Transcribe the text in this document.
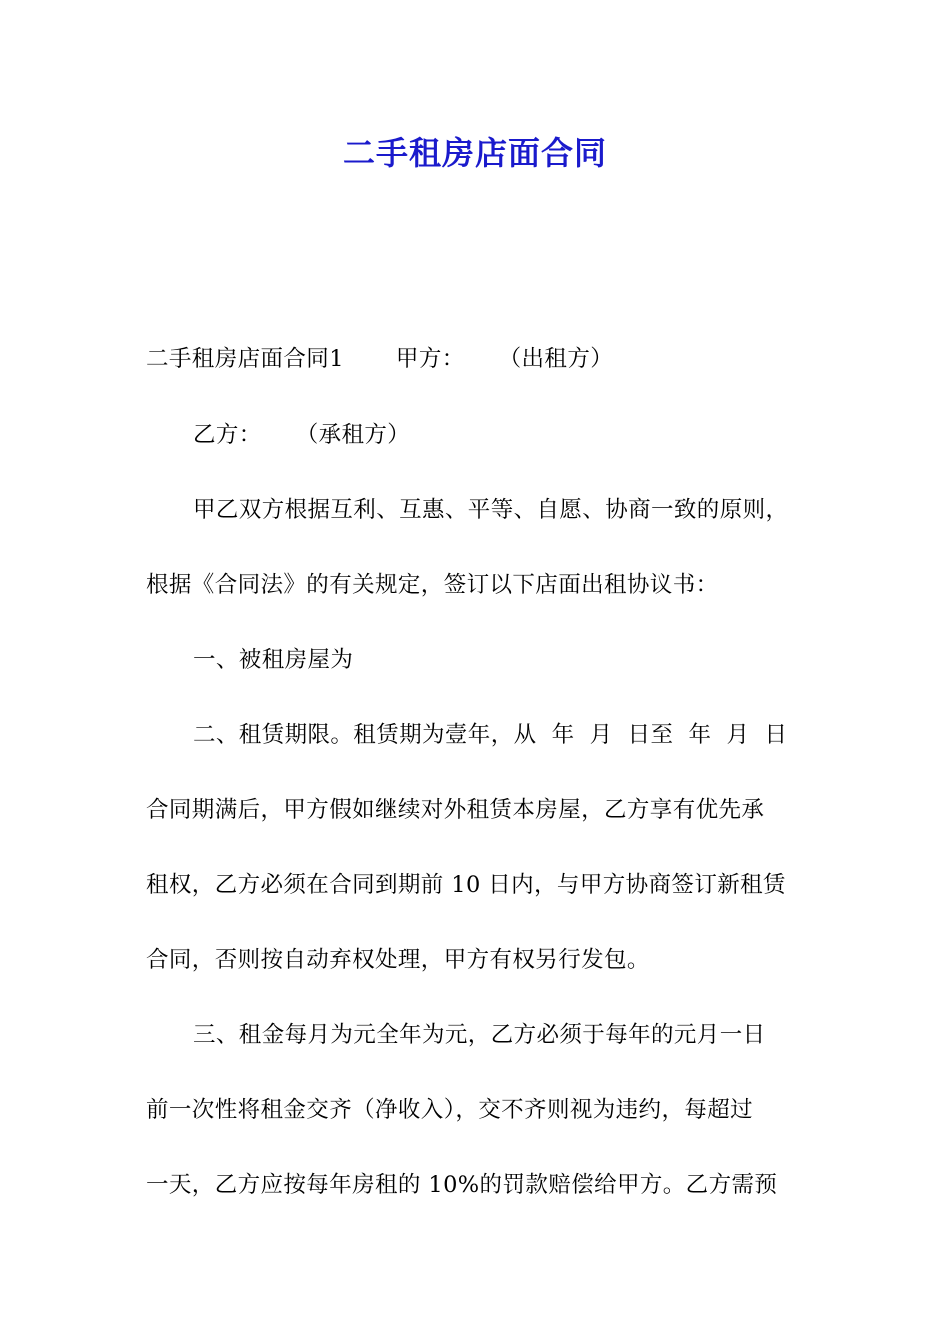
二手租房店面合同
二手租房店面合同1 甲方： （出租方）
乙方： （承租方）
甲乙双方根据互利、互惠、平等、自愿、协商一致的原则，
根据《合同法》的有关规定，签订以下店面出租协议书：
一、被租房屋为
二、租赁期限。租赁期为壹年，从  年  月  日至  年  月  日
合同期满后，甲方假如继续对外租赁本房屋，乙方享有优先承
租权，乙方必须在合同到期前 10 日内，与甲方协商签订新租赁
合同，否则按自动弃权处理，甲方有权另行发包。
三、租金每月为元全年为元，乙方必须于每年的元月一日
前一次性将租金交齐（净收入），交不齐则视为违约，每超过
一天，乙方应按每年房租的 10%的罚款赔偿给甲方。乙方需预
